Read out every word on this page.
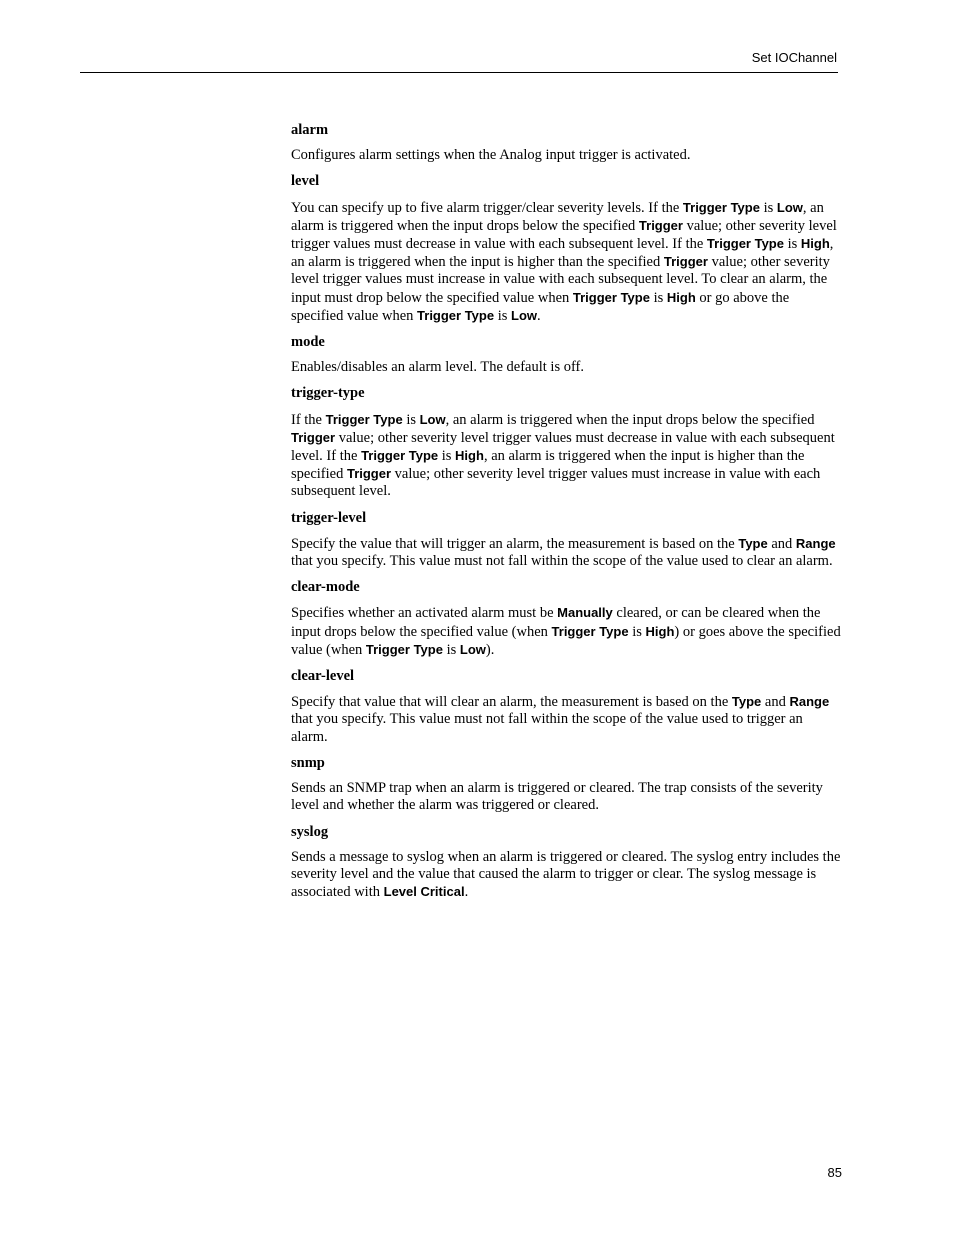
Set IOChannel

alarm

Configures alarm settings when the Analog input trigger is activated.

level

You can specify up to five alarm trigger/clear severity levels. If the Trigger Type is Low, an alarm is triggered when the input drops below the specified Trigger value; other severity level trigger values must decrease in value with each subsequent level. If the Trigger Type is High, an alarm is triggered when the input is higher than the specified Trigger value; other severity level trigger values must increase in value with each subsequent level. To clear an alarm, the input must drop below the specified value when Trigger Type is High or go above the specified value when Trigger Type is Low.

mode

Enables/disables an alarm level. The default is off.

trigger-type

If the Trigger Type is Low, an alarm is triggered when the input drops below the specified Trigger value; other severity level trigger values must decrease in value with each subsequent level. If the Trigger Type is High, an alarm is triggered when the input is higher than the specified Trigger value; other severity level trigger values must increase in value with each subsequent level.

trigger-level

Specify the value that will trigger an alarm, the measurement is based on the Type and Range that you specify. This value must not fall within the scope of the value used to clear an alarm.

clear-mode

Specifies whether an activated alarm must be Manually cleared, or can be cleared when the input drops below the specified value (when Trigger Type is High) or goes above the specified value (when Trigger Type is Low).

clear-level

Specify that value that will clear an alarm, the measurement is based on the Type and Range that you specify. This value must not fall within the scope of the value used to trigger an alarm.

snmp

Sends an SNMP trap when an alarm is triggered or cleared. The trap consists of the severity level and whether the alarm was triggered or cleared.

syslog

Sends a message to syslog when an alarm is triggered or cleared. The syslog entry includes the severity level and the value that caused the alarm to trigger or clear. The syslog message is associated with Level Critical.

85
